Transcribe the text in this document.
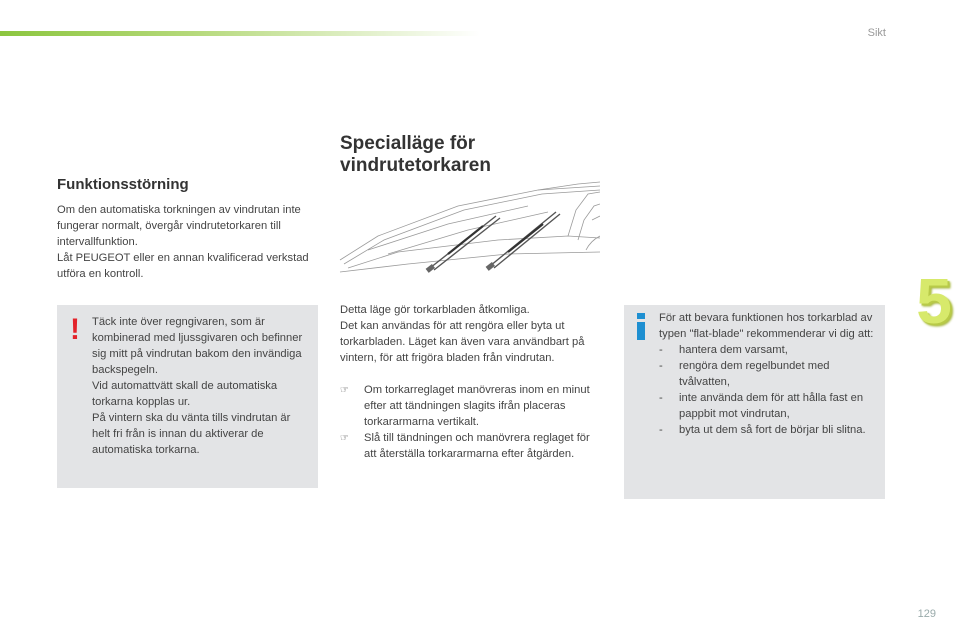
Sikt
129
5
Funktionsstörning

Om den automatiska torkningen av vindrutan inte fungerar normalt, övergår vindrutetorkaren till intervallfunktion.

Låt PEUGEOT eller en annan kvalificerad verkstad utföra en kontroll.

!	Täck inte över regngivaren, som är kombinerad med ljussgivaren och befinner sig mitt på vindrutan bakom den invändiga backspegeln.

Vid automattvätt skall de automatiska torkarna kopplas ur.

På vintern ska du vänta tills vindrutan är helt fri från is innan du aktiverar de automatiska torkarna.

Specialläge för vindrutetorkaren

Detta läge gör torkarbladen åtkomliga.

Det kan användas för att rengöra eller byta ut torkarbladen. Läget kan även vara användbart på vintern, för att frigöra bladen från vindrutan.

☞	Om torkarreglaget manövreras inom en minut efter att tändningen slagits ifrån placeras torkararmarna vertikalt.
☞	Slå till tändningen och manövrera reglaget för att återställa torkararmarna efter åtgärden.

För att bevara funktionen hos torkarblad av typen "flat-blade" rekommenderar vi dig att:

-	hantera dem varsamt,
-	rengöra dem regelbundet med tvålvatten,
-	inte använda dem för att hålla fast en pappbit mot vindrutan,
-	byta ut dem så fort de börjar bli slitna.
